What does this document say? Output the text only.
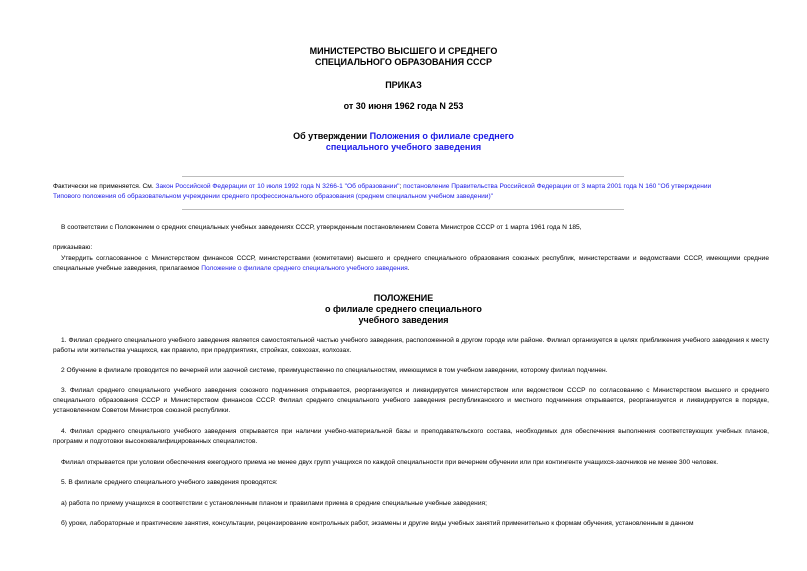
МИНИСТЕРСТВО ВЫСШЕГО И СРЕДНЕГО
СПЕЦИАЛЬНОГО ОБРАЗОВАНИЯ СССР
ПРИКАЗ
от 30 июня 1962 года N 253
Об утверждении Положения о филиале среднего
специального учебного заведения
Фактически не применяется. См. Закон Российской Федерации от 10 июля 1992 года N 3266-1 "Об образовании"; постановление Правительства Российской Федерации от 3 марта 2001 года N 160 "Об утверждении
Типового положения об образовательном учреждении среднего профессионального образования (среднем специальном учебном заведении)"
В соответствии с Положением о средних специальных учебных заведениях СССР, утвержденным постановлением Совета Министров СССР от 1 марта 1961 года N 185,
приказываю:
Утвердить согласованное с Министерством финансов СССР, министерствами (комитетами) высшего и среднего специального образования союзных республик, министерствами и ведомствами СССР, имеющими средние специальные учебные заведения, прилагаемое Положение о филиале среднего специального учебного заведения.
ПОЛОЖЕНИЕ
о филиале среднего специального
учебного заведения
1. Филиал среднего специального учебного заведения является самостоятельной частью учебного заведения, расположенной в другом городе или районе. Филиал организуется в целях приближения учебного заведения к месту работы или жительства учащихся, как правило, при предприятиях, стройках, совхозах, колхозах.
2 Обучение в филиале проводится по вечерней или заочной системе, преимущественно по специальностям, имеющимся в том учебном заведении, которому филиал подчинен.
3. Филиал среднего специального учебного заведения союзного подчинения открывается, реорганизуется и ликвидируется министерством или ведомством СССР по согласованию с Министерством высшего и среднего специального образования СССР и Министерством финансов СССР. Филиал среднего специального учебного заведения республиканского и местного подчинения открывается, реорганизуется и ликвидируется в порядке, установленном Советом Министров союзной республики.
4. Филиал среднего специального учебного заведения открывается при наличии учебно-материальной базы и преподавательского состава, необходимых для обеспечения выполнения соответствующих учебных планов, программ и подготовки высококвалифицированных специалистов.
Филиал открывается при условии обеспечения ежегодного приема не менее двух групп учащихся по каждой специальности при вечернем обучении или при контингенте учащихся-заочников не менее 300 человек.
5. В филиале среднего специального учебного заведения проводятся:
а) работа по приему учащихся в соответствии с установленным планом и правилами приема в средние специальные учебные заведения;
б) уроки, лабораторные и практические занятия, консультации, рецензирование контрольных работ, экзамены и другие виды учебных занятий применительно к формам обучения, установленным в данном
